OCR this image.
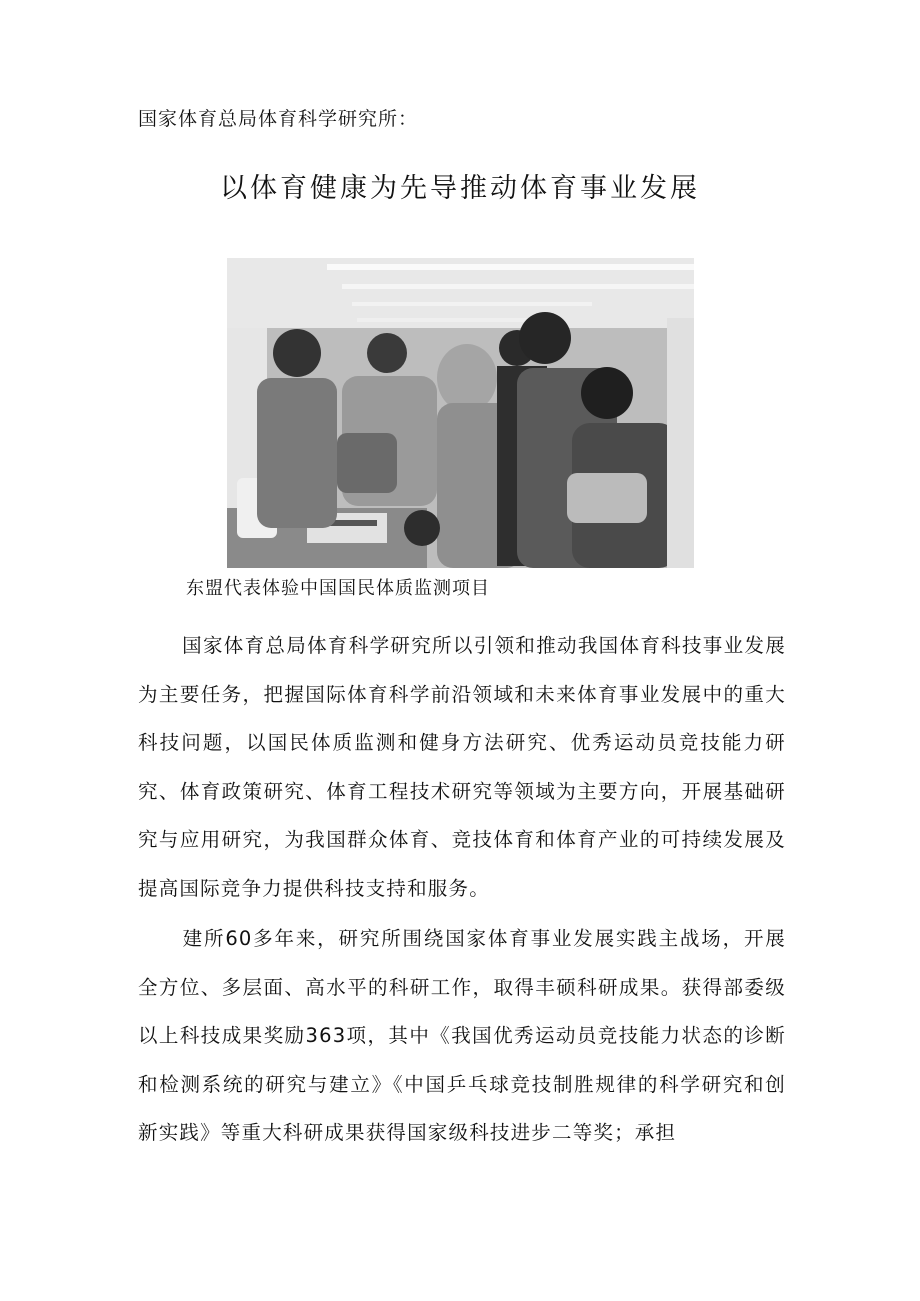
国家体育总局体育科学研究所：
以体育健康为先导推动体育事业发展
东盟代表体验中国国民体质监测项目

国家体育总局体育科学研究所以引领和推动我国体育科技事业发展为主要任务，把握国际体育科学前沿领域和未来体育事业发展中的重大科技问题，以国民体质监测和健身方法研究、优秀运动员竞技能力研究、体育政策研究、体育工程技术研究等领域为主要方向，开展基础研究与应用研究，为我国群众体育、竞技体育和体育产业的可持续发展及提高国际竞争力提供科技支持和服务。

建所60多年来，研究所围绕国家体育事业发展实践主战场，开展全方位、多层面、高水平的科研工作，取得丰硕科研成果。获得部委级以上科技成果奖励363项，其中《我国优秀运动员竞技能力状态的诊断和检测系统的研究与建立》《中国乒乓球竞技制胜规律的科学研究和创新实践》等重大科研成果获得国家级科技进步二等奖；承担
